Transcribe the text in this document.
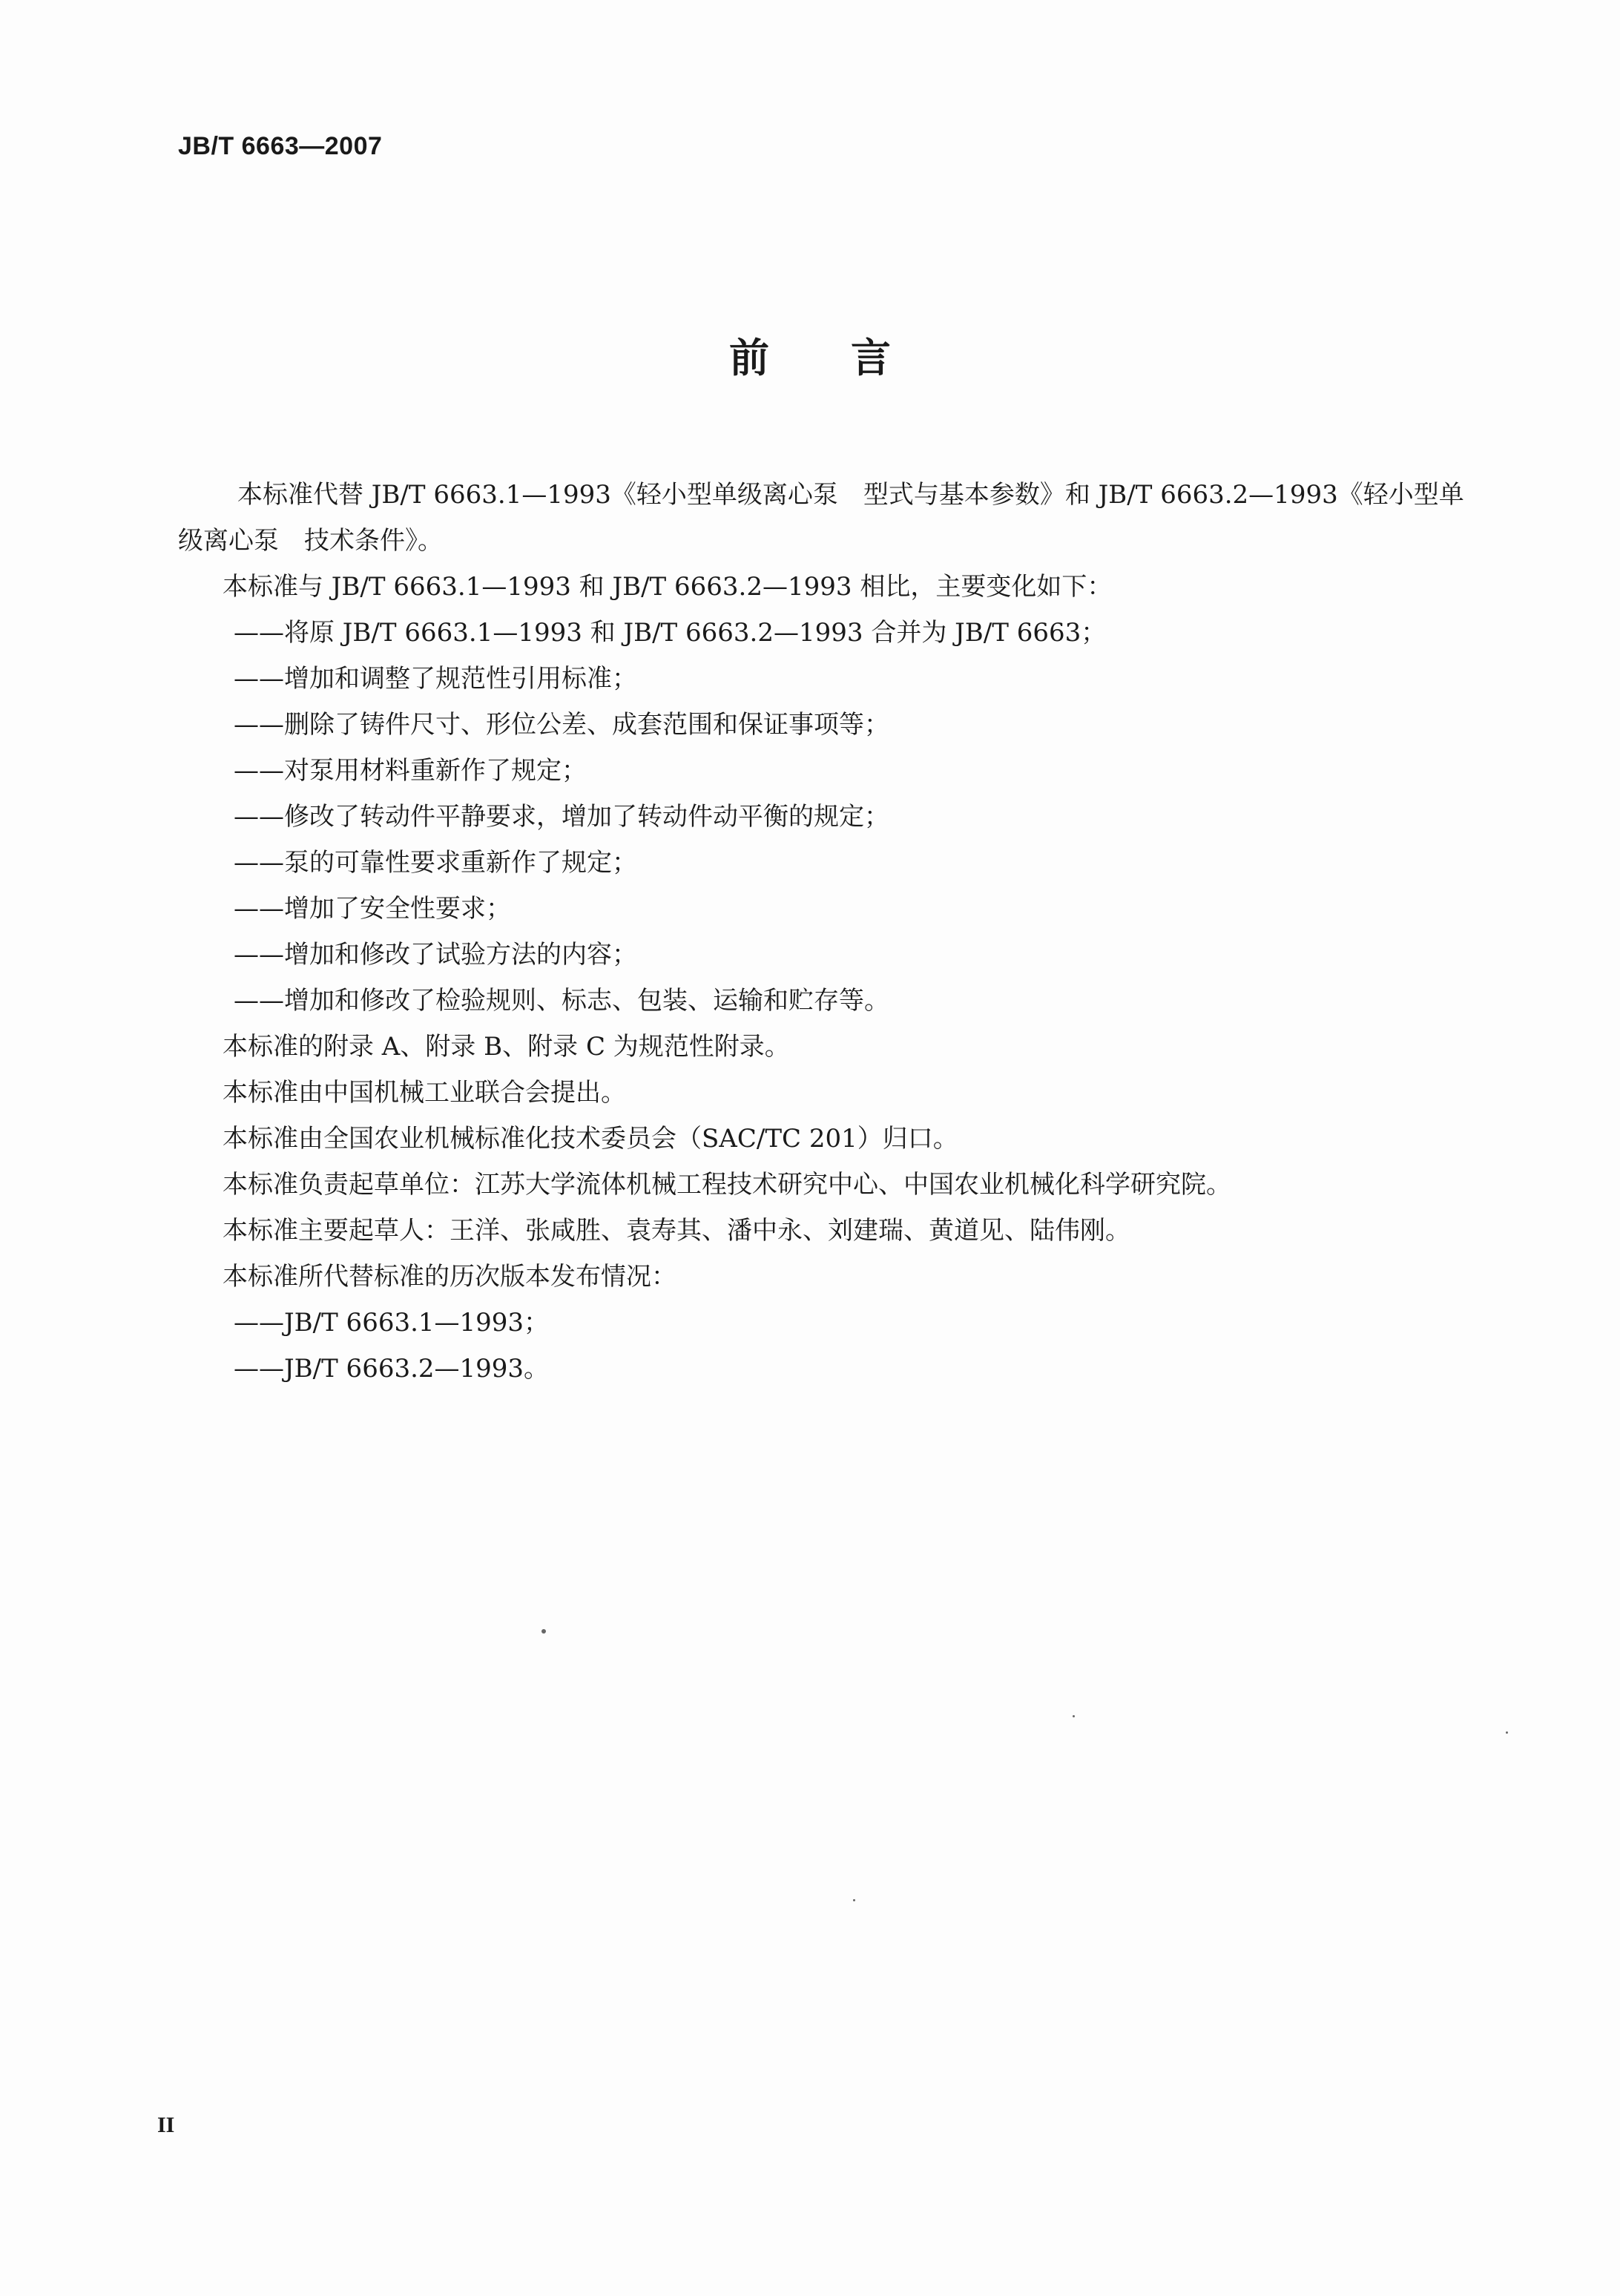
JB/T 6663—2007
前言

本标准代替 JB/T 6663.1—1993《轻小型单级离心泵　型式与基本参数》和 JB/T 6663.2—1993《轻小型单级离心泵　技术条件》。

本标准与 JB/T 6663.1—1993 和 JB/T 6663.2—1993 相比，主要变化如下：

——将原 JB/T 6663.1—1993 和 JB/T 6663.2—1993 合并为 JB/T 6663；

——增加和调整了规范性引用标准；

——删除了铸件尺寸、形位公差、成套范围和保证事项等；

——对泵用材料重新作了规定；

——修改了转动件平静要求，增加了转动件动平衡的规定；

——泵的可靠性要求重新作了规定；

——增加了安全性要求；

——增加和修改了试验方法的内容；

——增加和修改了检验规则、标志、包装、运输和贮存等。

本标准的附录 A、附录 B、附录 C 为规范性附录。

本标准由中国机械工业联合会提出。

本标准由全国农业机械标准化技术委员会（SAC/TC 201）归口。

本标准负责起草单位：江苏大学流体机械工程技术研究中心、中国农业机械化科学研究院。

本标准主要起草人：王洋、张咸胜、袁寿其、潘中永、刘建瑞、黄道见、陆伟刚。

本标准所代替标准的历次版本发布情况：

——JB/T 6663.1—1993；

——JB/T 6663.2—1993。

II
